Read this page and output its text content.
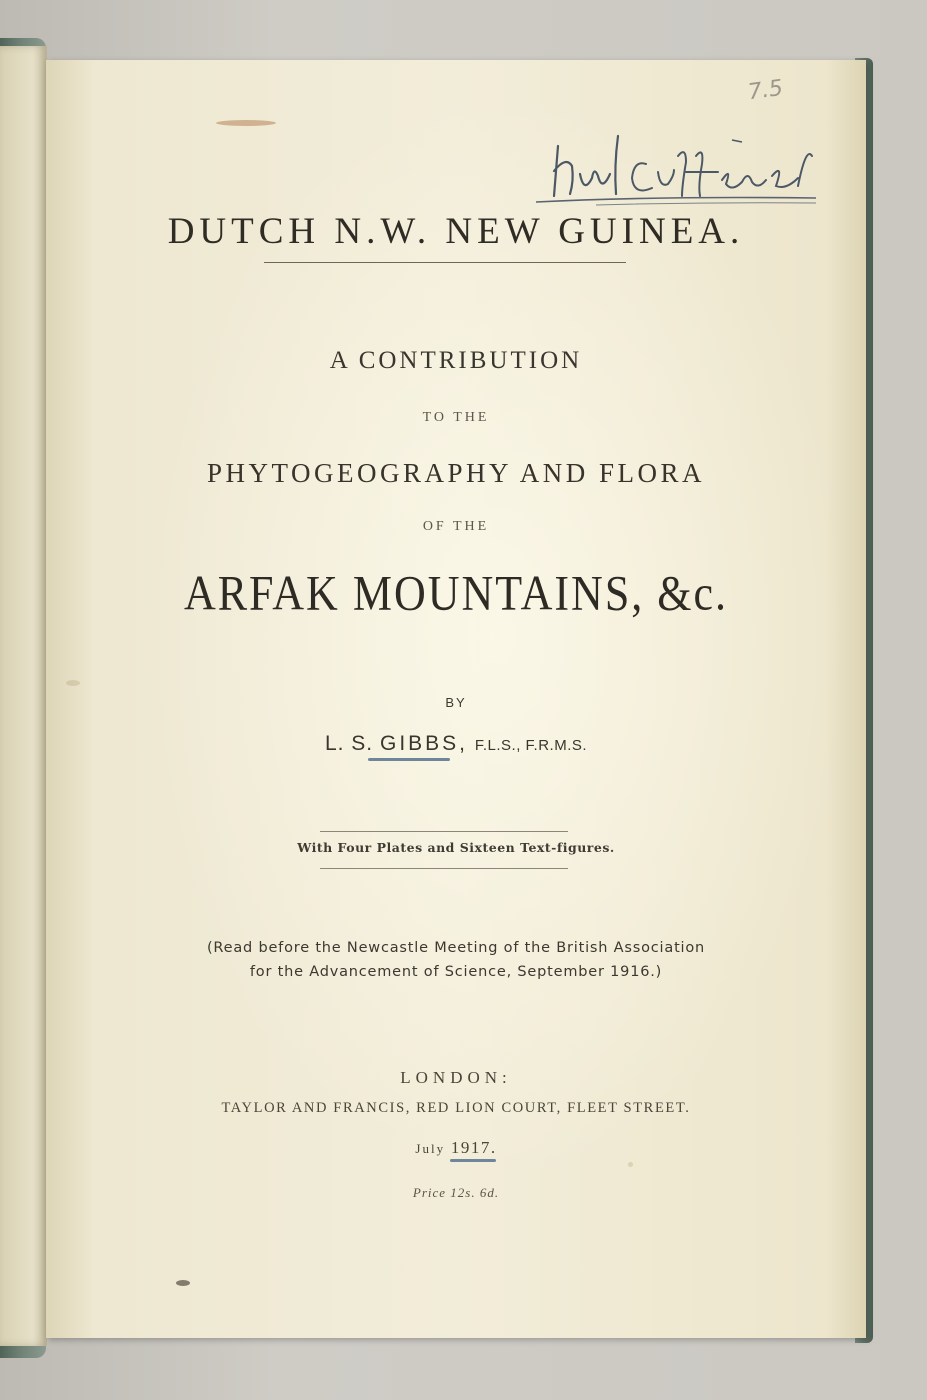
7.5
DUTCH N.W. NEW GUINEA.
A CONTRIBUTION
TO THE
PHYTOGEOGRAPHY AND FLORA
OF THE
ARFAK MOUNTAINS, &c.
BY
L. S. GIBBS, F.L.S., F.R.M.S.
With Four Plates and Sixteen Text-figures.
(Read before the Newcastle Meeting of the British Association
for the Advancement of Science, September 1916.)
LONDON:
TAYLOR AND FRANCIS, RED LION COURT, FLEET STREET.
July 1917.
Price 12s. 6d.
